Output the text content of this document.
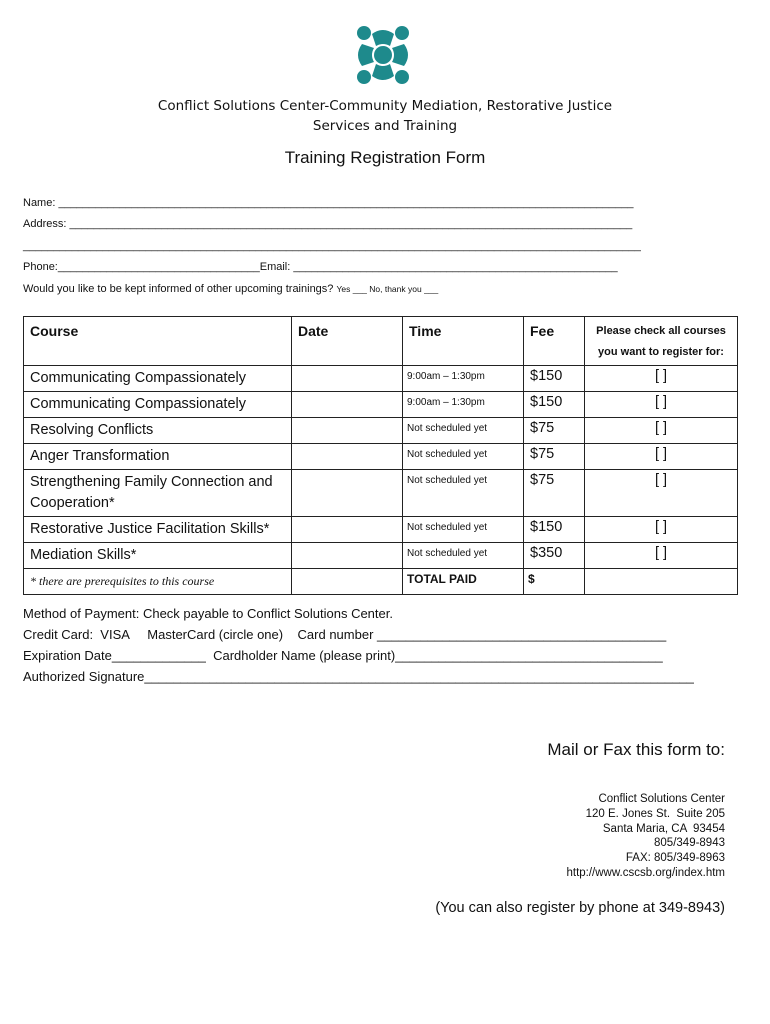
Conflict Solutions Center-Community Mediation, Restorative Justice
Services and Training
Training Registration Form
Name: ______________________________________________________________________________________________
Address: ____________________________________________________________________________________________
_____________________________________________________________________________________________________
Phone:_________________________________Email: _____________________________________________________
Would you like to be kept informed of other upcoming trainings? Yes ___ No, thank you ___
Course	Date	Time	Fee	Please check all courses
you want to register for:

Communicating Compassionately		9:00am – 1:30pm	$150	[ ]
Communicating Compassionately		9:00am – 1:30pm	$150	[ ]
Resolving Conflicts		Not scheduled yet	$75	[ ]
Anger Transformation		Not scheduled yet	$75	[ ]
Strengthening Family Connection and Cooperation*		Not scheduled yet	$75	[ ]
Restorative Justice Facilitation Skills*		Not scheduled yet	$150	[ ]
Mediation Skills*		Not scheduled yet	$350	[ ]
* there are prerequisites to this course		TOTAL PAID	$	
Method of Payment: Check payable to Conflict Solutions Center.
Credit Card:  VISA     MasterCard (circle one)    Card number ________________________________________
Expiration Date_____________  Cardholder Name (please print)_____________________________________
Authorized Signature____________________________________________________________________________
Mail or Fax this form to:
Conflict Solutions Center
120 E. Jones St.  Suite 205
Santa Maria, CA  93454
805/349-8943
FAX: 805/349-8963
http://www.cscsb.org/index.htm
(You can also register by phone at 349-8943)
